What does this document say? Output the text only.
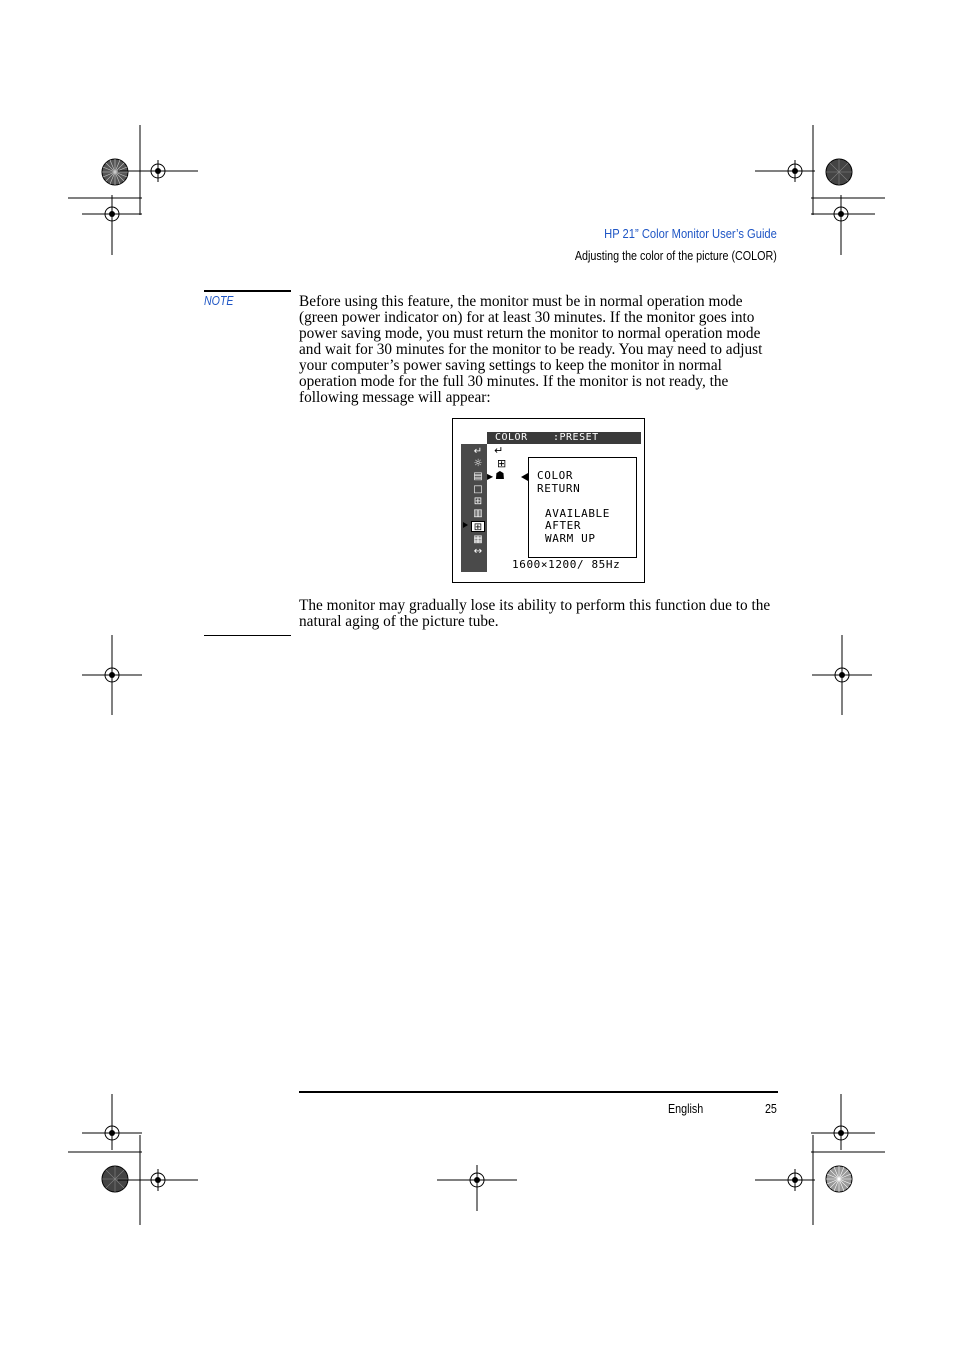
HP 21” Color Monitor User’s Guide
Adjusting the color of the picture (COLOR)
NOTE	Before using this feature, the monitor must be in normal operation mode (green power indicator on) for at least 30 minutes. If the monitor goes into power saving mode, you must return the monitor to normal operation mode and wait for 30 minutes for the monitor to be ready. You may need to adjust your computer’s power saving settings to keep the monitor in normal operation mode for the full 30 minutes. If the monitor is not ready, the following message will appear:
COLOR	:PRESET
↵
☼
▤
□
⊞
▥
⊞
▦
↔
↵
⊞
▶ ☗	COLOR
RETURN
AVAILABLE
AFTER
WARM UP
1600×1200/ 85Hz
The monitor may gradually lose its ability to perform this function due to the natural aging of the picture tube.
English	25
